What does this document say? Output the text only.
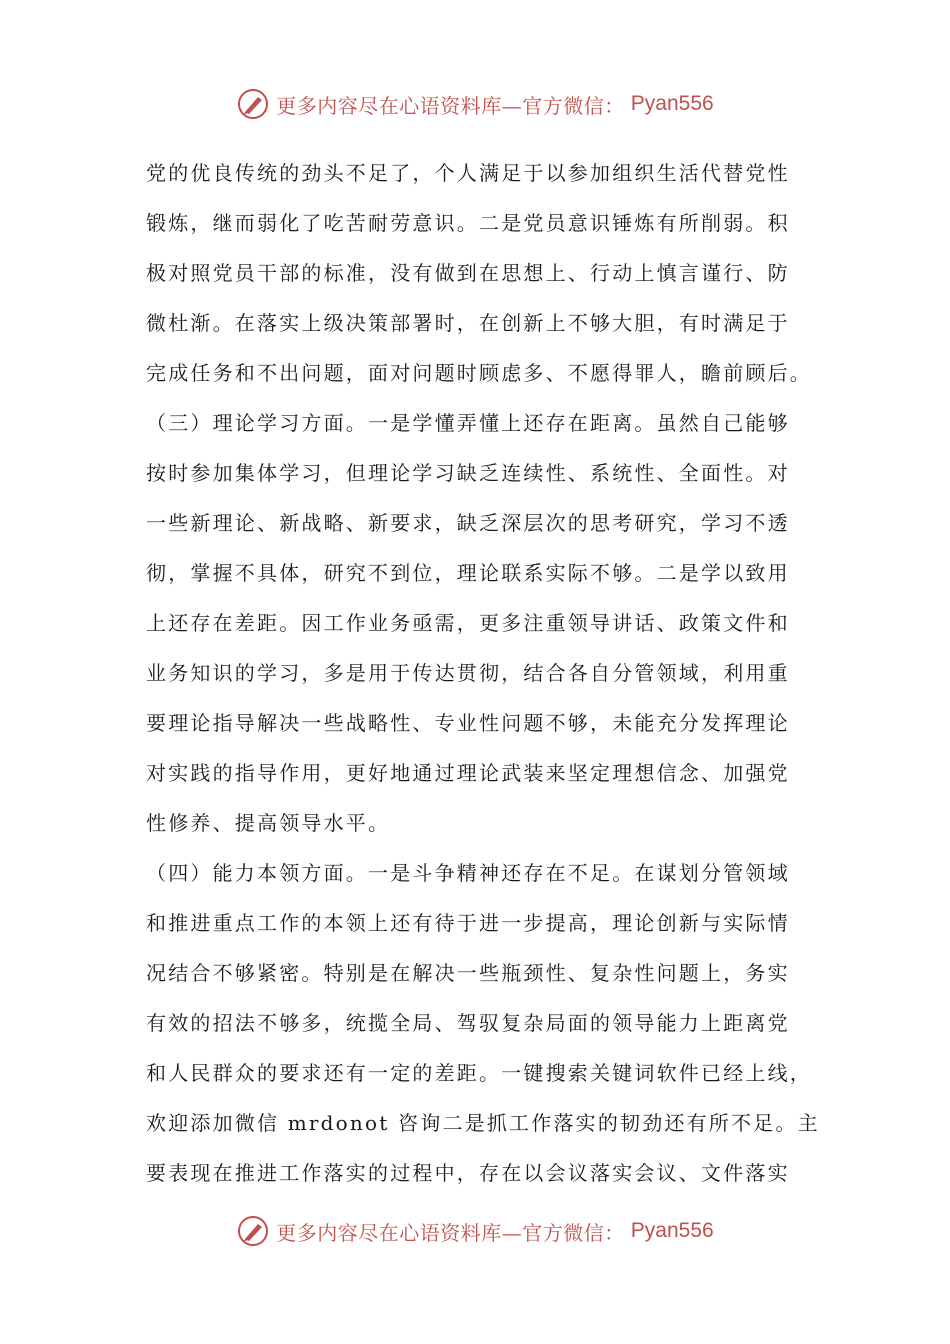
更多内容尽在心语资料库—官方微信： Pyan556
党的优良传统的劲头不足了，个人满足于以参加组织生活代替党性
锻炼，继而弱化了吃苦耐劳意识。二是党员意识锤炼有所削弱。积
极对照党员干部的标准，没有做到在思想上、行动上慎言谨行、防
微杜渐。在落实上级决策部署时，在创新上不够大胆，有时满足于
完成任务和不出问题，面对问题时顾虑多、不愿得罪人，瞻前顾后。
（三）理论学习方面。一是学懂弄懂上还存在距离。虽然自己能够
按时参加集体学习，但理论学习缺乏连续性、系统性、全面性。对
一些新理论、新战略、新要求，缺乏深层次的思考研究，学习不透
彻，掌握不具体，研究不到位，理论联系实际不够。二是学以致用
上还存在差距。因工作业务亟需，更多注重领导讲话、政策文件和
业务知识的学习，多是用于传达贯彻，结合各自分管领域，利用重
要理论指导解决一些战略性、专业性问题不够，未能充分发挥理论
对实践的指导作用，更好地通过理论武装来坚定理想信念、加强党
性修养、提高领导水平。
（四）能力本领方面。一是斗争精神还存在不足。在谋划分管领域
和推进重点工作的本领上还有待于进一步提高，理论创新与实际情
况结合不够紧密。特别是在解决一些瓶颈性、复杂性问题上，务实
有效的招法不够多，统揽全局、驾驭复杂局面的领导能力上距离党
和人民群众的要求还有一定的差距。一键搜索关键词软件已经上线，
欢迎添加微信 mrdonot 咨询二是抓工作落实的韧劲还有所不足。主
要表现在推进工作落实的过程中，存在以会议落实会议、文件落实
更多内容尽在心语资料库—官方微信： Pyan556
